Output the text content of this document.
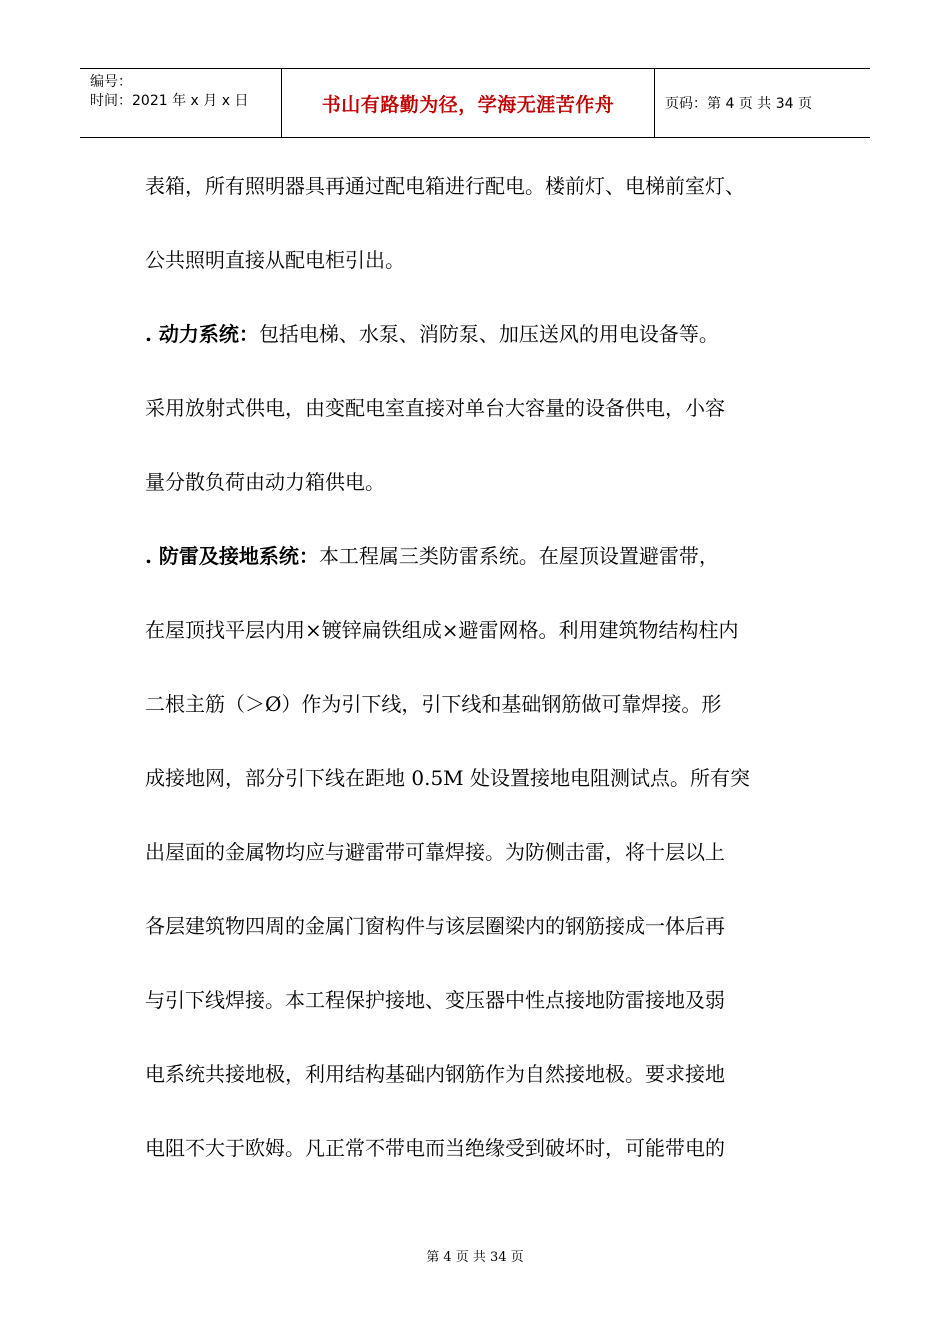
编号：
时间：2021 年 x 月 x 日	书山有路勤为径，学海无涯苦作舟	页码：第 4 页 共 34 页
表箱，所有照明器具再通过配电箱进行配电。楼前灯、电梯前室灯、
公共照明直接从配电柜引出。
. 动力系统：包括电梯、水泵、消防泵、加压送风的用电设备等。
采用放射式供电，由变配电室直接对单台大容量的设备供电，小容
量分散负荷由动力箱供电。
. 防雷及接地系统：本工程属三类防雷系统。在屋顶设置避雷带，
在屋顶找平层内用×镀锌扁铁组成×避雷网格。利用建筑物结构柱内
二根主筋（＞Ø）作为引下线，引下线和基础钢筋做可靠焊接。形
成接地网，部分引下线在距地 0.5M 处设置接地电阻测试点。所有突
出屋面的金属物均应与避雷带可靠焊接。为防侧击雷，将十层以上
各层建筑物四周的金属门窗构件与该层圈梁内的钢筋接成一体后再
与引下线焊接。本工程保护接地、变压器中性点接地防雷接地及弱
电系统共接地极，利用结构基础内钢筋作为自然接地极。要求接地
电阻不大于欧姆。凡正常不带电而当绝缘受到破坏时，可能带电的
第 4 页 共 34 页
